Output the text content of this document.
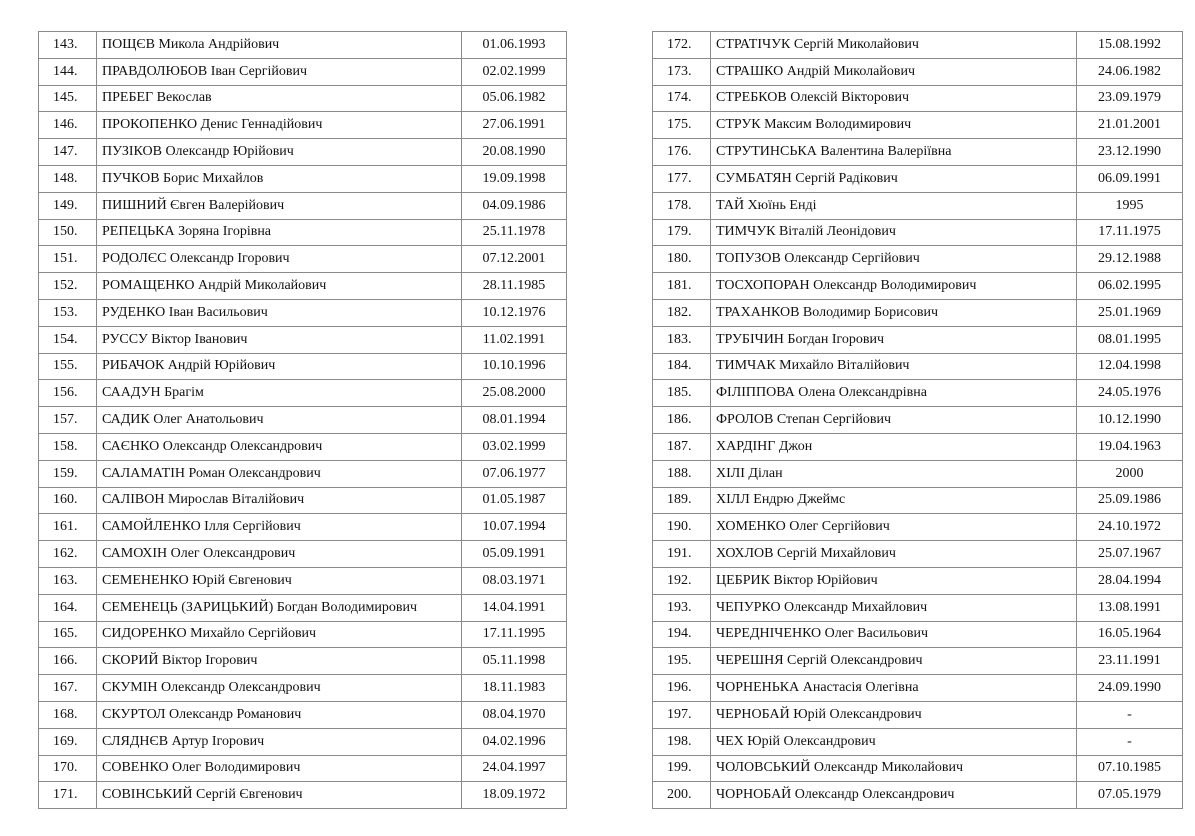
143.	ПОЩЄВ Микола Андрійович	01.06.1993
144.	ПРАВДОЛЮБОВ Іван Сергійович	02.02.1999
145.	ПРЕБЕГ Векослав	05.06.1982
146.	ПРОКОПЕНКО Денис Геннадійович	27.06.1991
147.	ПУЗІКОВ Олександр Юрійович	20.08.1990
148.	ПУЧКОВ Борис Михайлов	19.09.1998
149.	ПИШНИЙ Євген Валерійович	04.09.1986
150.	РЕПЕЦЬКА Зоряна Ігорівна	25.11.1978
151.	РОДОЛЄС Олександр Ігорович	07.12.2001
152.	РОМАЩЕНКО Андрій Миколайович	28.11.1985
153.	РУДЕНКО Іван Васильович	10.12.1976
154.	РУССУ Віктор Іванович	11.02.1991
155.	РИБАЧОК Андрій Юрійович	10.10.1996
156.	СААДУН Брагім	25.08.2000
157.	САДИК Олег Анатольович	08.01.1994
158.	САЄНКО Олександр Олександрович	03.02.1999
159.	САЛАМАТІН Роман Олександрович	07.06.1977
160.	САЛІВОН Мирослав Віталійович	01.05.1987
161.	САМОЙЛЕНКО Ілля Сергійович	10.07.1994
162.	САМОХІН Олег Олександрович	05.09.1991
163.	СЕМЕНЕНКО Юрій Євгенович	08.03.1971
164.	СЕМЕНЕЦЬ (ЗАРИЦЬКИЙ) Богдан Володимирович	14.04.1991
165.	СИДОРЕНКО Михайло Сергійович	17.11.1995
166.	СКОРИЙ Віктор Ігорович	05.11.1998
167.	СКУМІН Олександр Олександрович	18.11.1983
168.	СКУРТОЛ Олександр Романович	08.04.1970
169.	СЛЯДНЄВ Артур Ігорович	04.02.1996
170.	СОВЕНКО Олег Володимирович	24.04.1997
171.	СОВІНСЬКИЙ Сергій Євгенович	18.09.1972
172.	СТРАТІЧУК Сергій Миколайович	15.08.1992
173.	СТРАШКО Андрій Миколайович	24.06.1982
174.	СТРЕБКОВ Олексій Вікторович	23.09.1979
175.	СТРУК Максим Володимирович	21.01.2001
176.	СТРУТИНСЬКА Валентина Валеріївна	23.12.1990
177.	СУМБАТЯН Сергій Радікович	06.09.1991
178.	ТАЙ Хюїнь Енді	1995
179.	ТИМЧУК Віталій Леонідович	17.11.1975
180.	ТОПУЗОВ Олександр Сергійович	29.12.1988
181.	ТОСХОПОРАН Олександр Володимирович	06.02.1995
182.	ТРАХАНКОВ Володимир Борисович	25.01.1969
183.	ТРУБІЧИН Богдан Ігорович	08.01.1995
184.	ТИМЧАК Михайло Віталійович	12.04.1998
185.	ФІЛІППОВА Олена Олександрівна	24.05.1976
186.	ФРОЛОВ Степан Сергійович	10.12.1990
187.	ХАРДІНГ Джон	19.04.1963
188.	ХІЛІ Ділан	2000
189.	ХІЛЛ Ендрю Джеймс	25.09.1986
190.	ХОМЕНКО Олег Сергійович	24.10.1972
191.	ХОХЛОВ Сергій Михайлович	25.07.1967
192.	ЦЕБРИК Віктор Юрійович	28.04.1994
193.	ЧЕПУРКО Олександр Михайлович	13.08.1991
194.	ЧЕРЕДНІЧЕНКО Олег Васильович	16.05.1964
195.	ЧЕРЕШНЯ Сергій Олександрович	23.11.1991
196.	ЧОРНЕНЬКА Анастасія Олегівна	24.09.1990
197.	ЧЕРНОБАЙ Юрій Олександрович	-
198.	ЧЕХ Юрій Олександрович	-
199.	ЧОЛОВСЬКИЙ Олександр Миколайович	07.10.1985
200.	ЧОРНОБАЙ Олександр Олександрович	07.05.1979
